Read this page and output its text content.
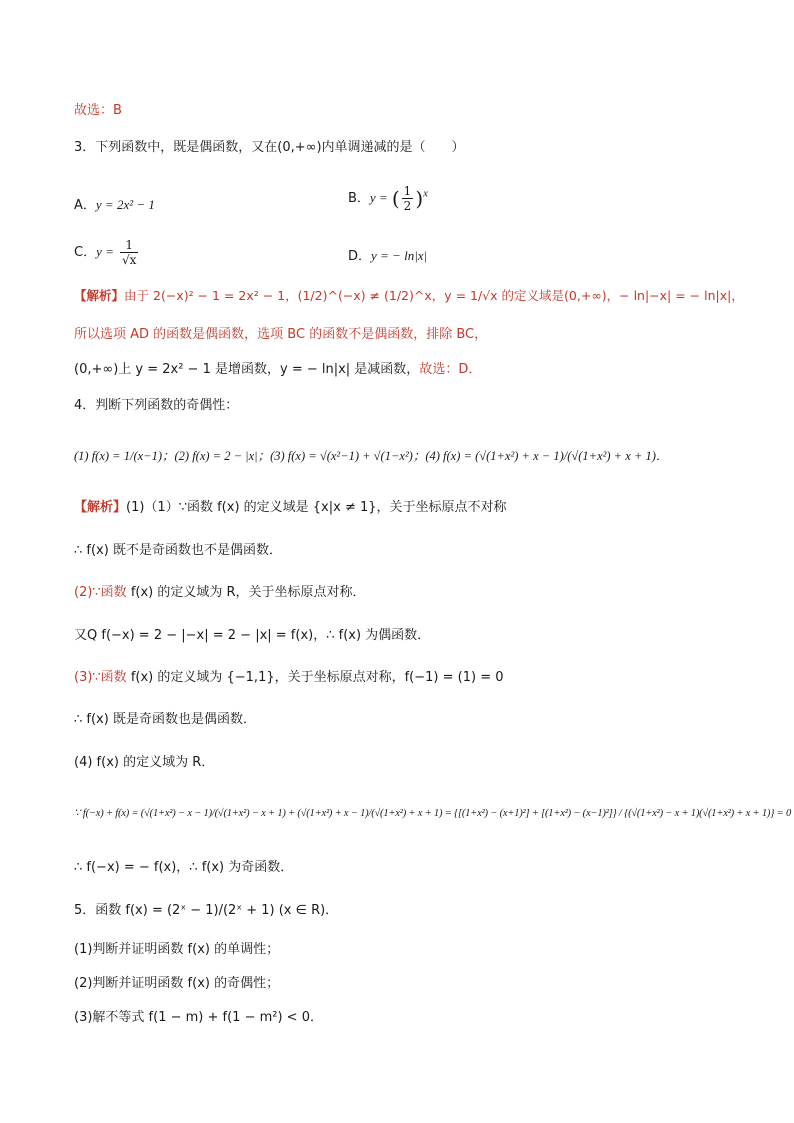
故选：B
3．下列函数中，既是偶函数，又在(0,+∞)内单调递减的是（　　）
A．y = 2x² − 1	B．y = ( $\frac{1}{2} )^x$
C．$y = \frac{1}{√x}$	D．y = − ln|x|
【解析】由于 2(−x)² − 1 = 2x² − 1，(1/2)^(−x) ≠ (1/2)^x，y = 1/√x 的定义域是(0,+∞)，− ln|−x| = − ln|x|，
所以选项 AD 的函数是偶函数，选项 BC 的函数不是偶函数，排除 BC，
(0,+∞)上 y = 2x² − 1 是增函数，y = − ln|x| 是减函数，故选：D．
4．判断下列函数的奇偶性：
(1) f(x) = 1/(x−1)；(2) f(x) = 2 − |x|；(3) f(x) = √(x²−1) + √(1−x²)；(4) f(x) = (√(1+x²) + x − 1)/(√(1+x²) + x + 1)．
【解析】(1)（1）∵函数 f(x) 的定义域是 {x|x ≠ 1}，关于坐标原点不对称
∴ f(x) 既不是奇函数也不是偶函数．
(2)∵函数 f(x) 的定义域为 R，关于坐标原点对称．
又Q f(−x) = 2 − |−x| = 2 − |x| = f(x)，∴ f(x) 为偶函数．
(3)∵函数 f(x) 的定义域为 {−1,1}，关于坐标原点对称，f(−1) = (1) = 0
∴ f(x) 既是奇函数也是偶函数．
(4) f(x) 的定义域为 R．
∵ f(−x) + f(x) = (√(1+x²) − x − 1)/(√(1+x²) − x + 1) + (√(1+x²) + x − 1)/(√(1+x²) + x + 1) = {[(1+x²) − (x+1)²] + [(1+x²) − (x−1)²]} / {(√(1+x²) − x + 1)(√(1+x²) + x + 1)} = 0
∴ f(−x) = − f(x)，∴ f(x) 为奇函数．
5．函数 f(x) = (2ˣ − 1)/(2ˣ + 1) (x ∈ R)．
(1)判断并证明函数 f(x) 的单调性；
(2)判断并证明函数 f(x) 的奇偶性；
(3)解不等式 f(1 − m) + f(1 − m²) < 0．
